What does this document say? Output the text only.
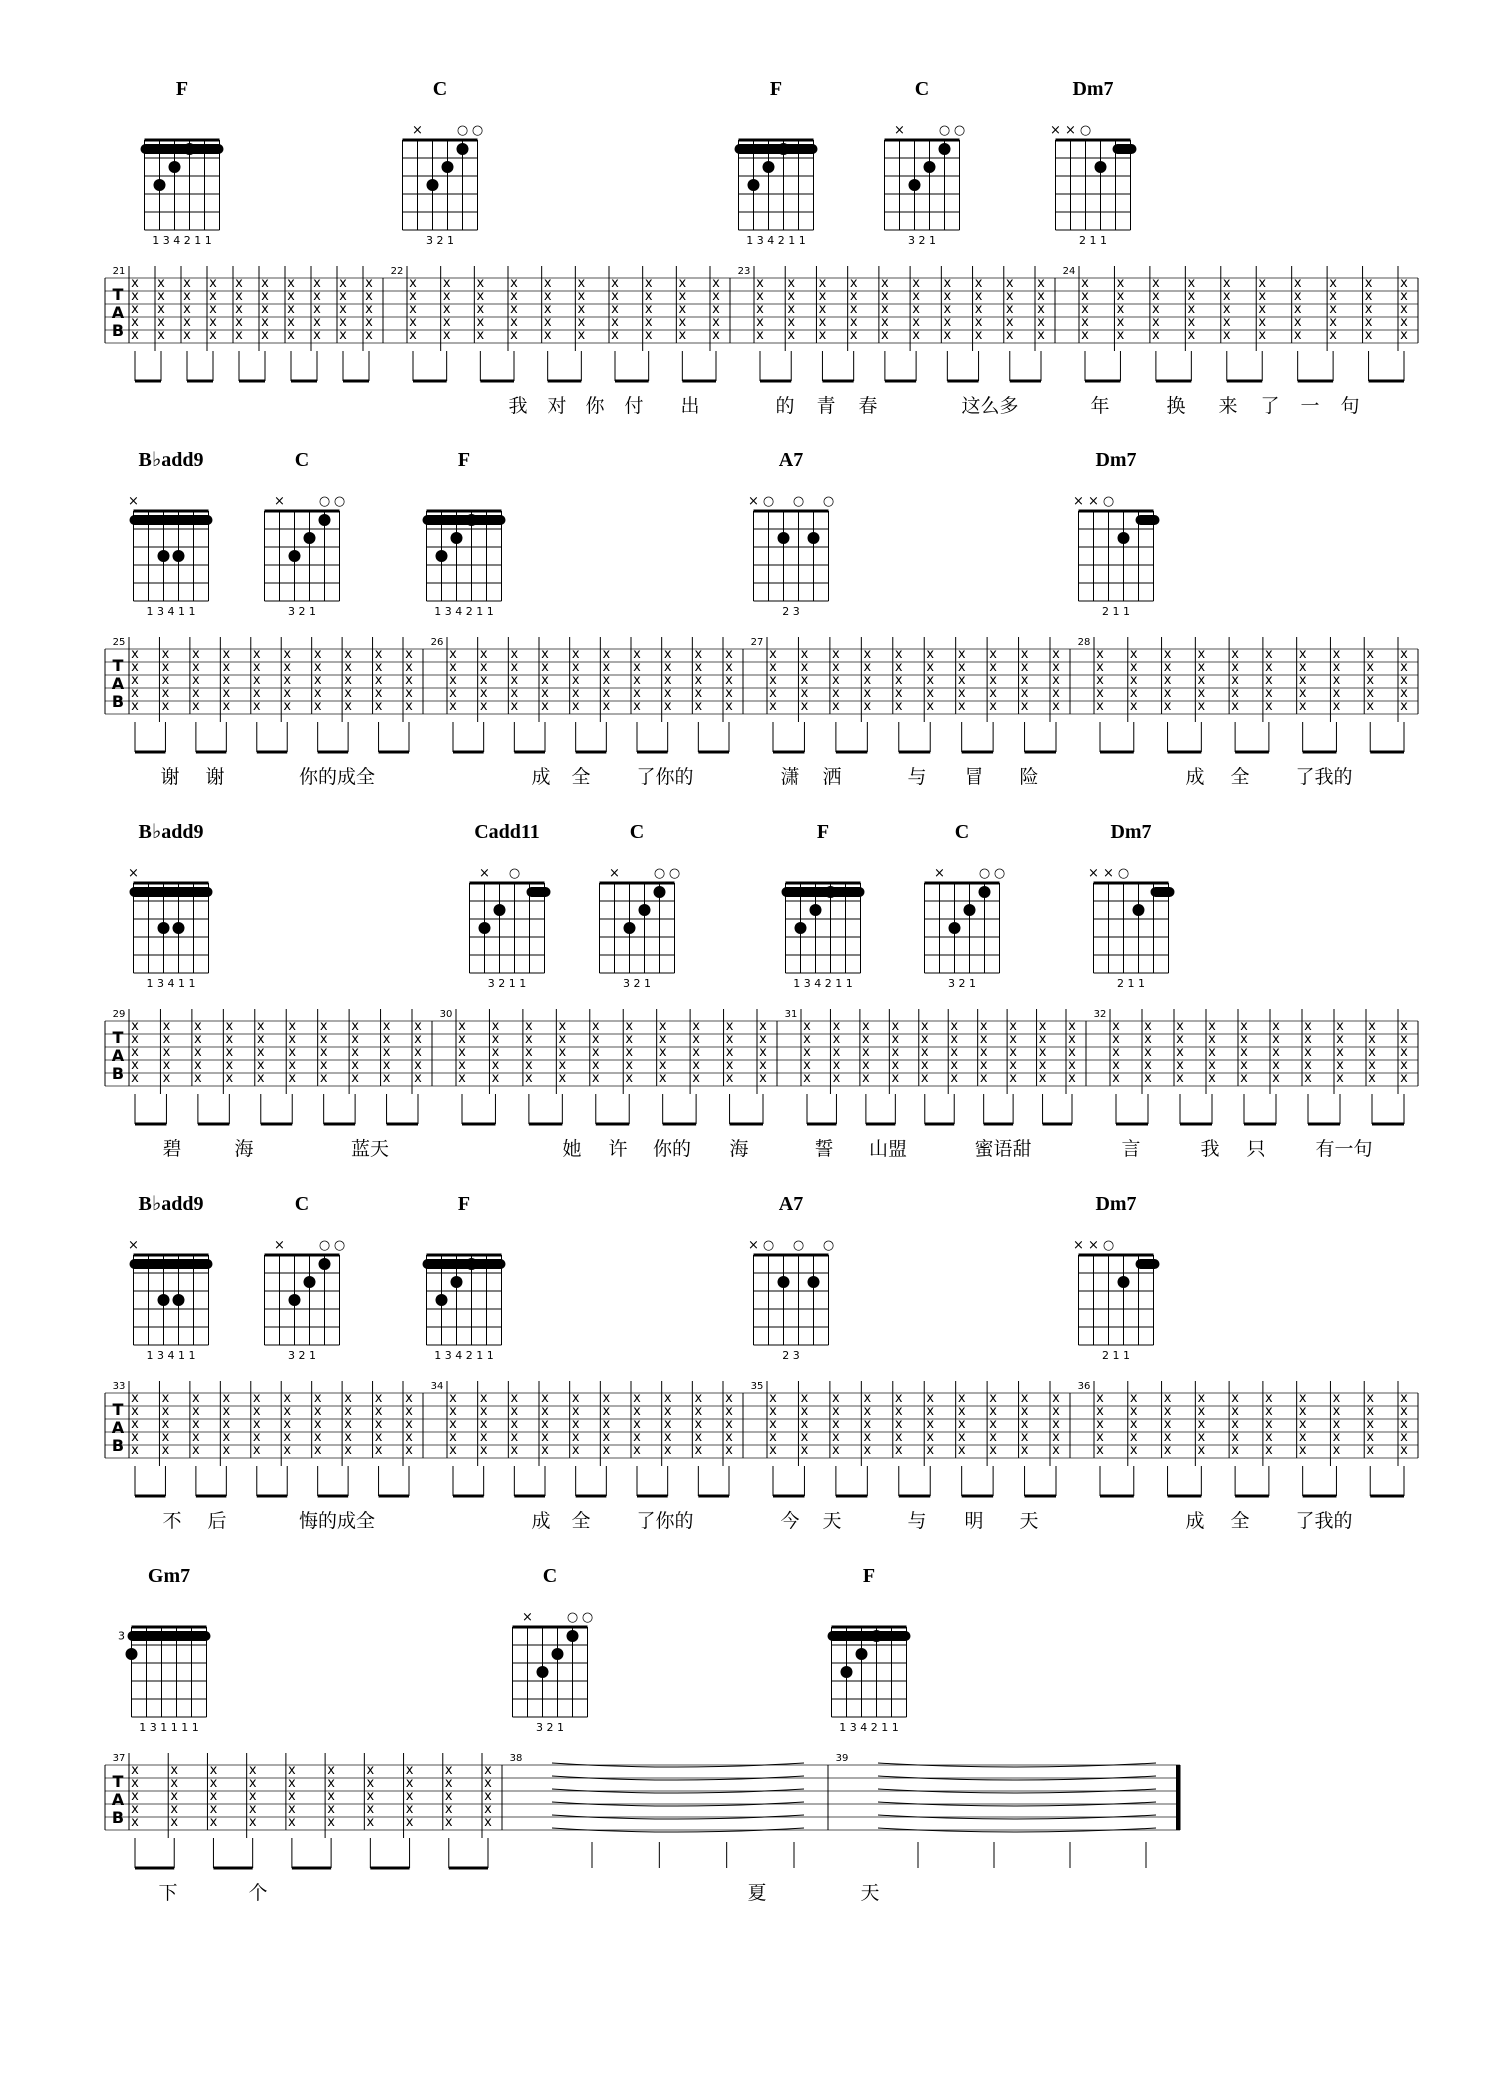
F
1 3 4 2 1 1
C
×	○ ○
3 2 1
F
1 3 4 2 1 1
C
×	○ ○
3 2 1
Dm7
× × ○
2 1 1
T
A
B
21	22	23	24
x
x
x
x
x
x
x
x
x
x
x
x
x
x
x
x
x
x
x
x
x
x
x
x
x
x
x
x
x
x
x
x
x
x
x
x
x
x
x
x
x
x
x
x
x
x
x
x
x
x
x
x
x
x
x
x
x
x
x
x
x
x
x
x
x
x
x
x
x
x
x
x
x
x
x
x
x
x
x
x
x
x
x
x
x
x
x
x
x
x
x
x
x
x
x
x
x
x
x
x
x
x
x
x
x
x
x
x
x
x
x
x
x
x
x
x
x
x
x
x
x
x
x
x
x
x
x
x
x
x
x
x
x
x
x
x
x
x
x
x
x
x
x
x
x
x
x
x
x
x
x
x
x
x
x
x
x
x
x
x
x
x
x
x
x
x
x
x
x
x
x
x
x
x
x
x
x
x
x
x
x
x
x
x
x
x
x
x
x
x
x
x
x
x
x
x
x
x
x
x
我 对 你 付 出	的 青 春	这么多	年	换 来 了 一 句
B♭add9
×
1 3 4 1 1
C
×	○ ○
3 2 1
F
1 3 4 2 1 1
A7
× ○ ○ ○
2 3
Dm7
× × ○
2 1 1
T
A
B
25	26	27	28
x
x
x
x
x
x
x
x
x
x
x
x
x
x
x
x
x
x
x
x
x
x
x
x
x
x
x
x
x
x
x
x
x
x
x
x
x
x
x
x
x
x
x
x
x
x
x
x
x
x
x
x
x
x
x
x
x
x
x
x
x
x
x
x
x
x
x
x
x
x
x
x
x
x
x
x
x
x
x
x
x
x
x
x
x
x
x
x
x
x
x
x
x
x
x
x
x
x
x
x
x
x
x
x
x
x
x
x
x
x
x
x
x
x
x
x
x
x
x
x
x
x
x
x
x
x
x
x
x
x
x
x
x
x
x
x
x
x
x
x
x
x
x
x
x
x
x
x
x
x
x
x
x
x
x
x
x
x
x
x
x
x
x
x
x
x
x
x
x
x
x
x
x
x
x
x
x
x
x
x
x
x
x
x
x
x
x
x
x
x
x
x
x
x
x
x
x
x
x
x
谢 谢	你的成全	成 全 了你的	潇 洒	与 冒 险	成 全 了我的
B♭add9
×
1 3 4 1 1
Cadd11
× ○
3 2 1 1
C
×	○ ○
3 2 1
F
1 3 4 2 1 1
C
×	○ ○
3 2 1
Dm7
× × ○
2 1 1
T
A
B
29	30	31	32
x
x
x
x
x
x
x
x
x
x
x
x
x
x
x
x
x
x
x
x
x
x
x
x
x
x
x
x
x
x
x
x
x
x
x
x
x
x
x
x
x
x
x
x
x
x
x
x
x
x
x
x
x
x
x
x
x
x
x
x
x
x
x
x
x
x
x
x
x
x
x
x
x
x
x
x
x
x
x
x
x
x
x
x
x
x
x
x
x
x
x
x
x
x
x
x
x
x
x
x
x
x
x
x
x
x
x
x
x
x
x
x
x
x
x
x
x
x
x
x
x
x
x
x
x
x
x
x
x
x
x
x
x
x
x
x
x
x
x
x
x
x
x
x
x
x
x
x
x
x
x
x
x
x
x
x
x
x
x
x
x
x
x
x
x
x
x
x
x
x
x
x
x
x
x
x
x
x
x
x
x
x
x
x
x
x
x
x
x
x
x
x
x
x
x
x
x
x
x
x
碧	海	蓝天	她 许 你的 海	誓 山盟	蜜语甜	言	我 只	有一句
B♭add9
×
1 3 4 1 1
C
×	○ ○
3 2 1
F
1 3 4 2 1 1
A7
× ○ ○ ○
2 3
Dm7
× × ○
2 1 1
T
A
B
33	34	35	36
x
x
x
x
x
x
x
x
x
x
x
x
x
x
x
x
x
x
x
x
x
x
x
x
x
x
x
x
x
x
x
x
x
x
x
x
x
x
x
x
x
x
x
x
x
x
x
x
x
x
x
x
x
x
x
x
x
x
x
x
x
x
x
x
x
x
x
x
x
x
x
x
x
x
x
x
x
x
x
x
x
x
x
x
x
x
x
x
x
x
x
x
x
x
x
x
x
x
x
x
x
x
x
x
x
x
x
x
x
x
x
x
x
x
x
x
x
x
x
x
x
x
x
x
x
x
x
x
x
x
x
x
x
x
x
x
x
x
x
x
x
x
x
x
x
x
x
x
x
x
x
x
x
x
x
x
x
x
x
x
x
x
x
x
x
x
x
x
x
x
x
x
x
x
x
x
x
x
x
x
x
x
x
x
x
x
x
x
x
x
x
x
x
x
x
x
x
x
x
x
不 后	悔的成全	成 全 了你的	今 天	与 明 天	成 全 了我的
Gm7
3
1 3 1 1 1 1
C
×	○ ○
3 2 1
F
1 3 4 2 1 1
T
A
B
37	38	39
x
x
x
x
x
x
x
x
x
x
x
x
x
x
x
x
x
x
x
x
x
x
x
x
x
x
x
x
x
x
x
x
x
x
x
x
x
x
x
x
x
x
x
x
x
x
x
x
x
x
下	个	夏	天
